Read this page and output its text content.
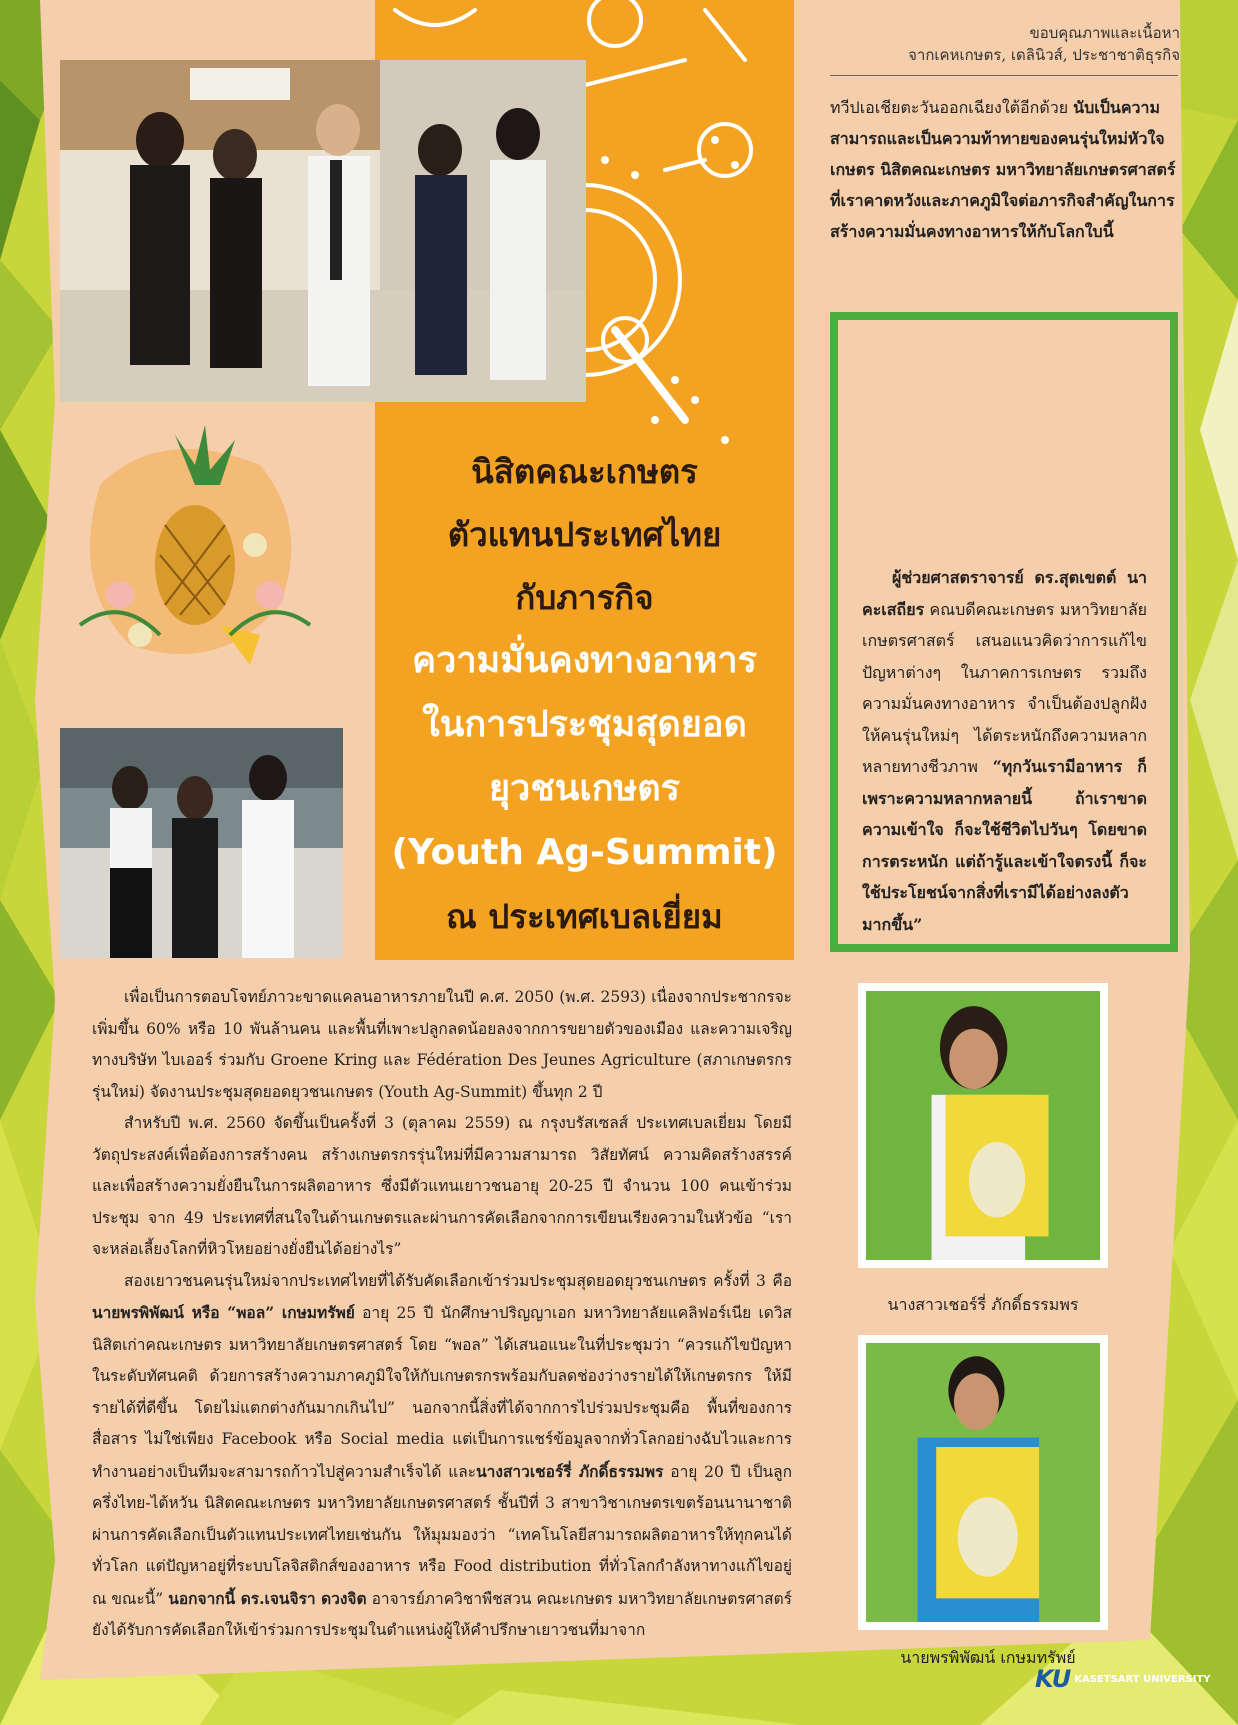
นางสาวเชอร์รี่ ภักดิ์ธรรมพร
นายพรพิพัฒน์ เกษมทรัพย์
ขอบคุณภาพและเนื้อหา
จากเคหเกษตร, เดลินิวส์, ประชาชาติธุรกิจ
ทวีปเอเชียตะวันออกเฉียงใต้อีกด้วย นับเป็นความสามารถและเป็นความท้าทายของคนรุ่นใหม่หัวใจเกษตร นิสิตคณะเกษตร มหาวิทยาลัยเกษตรศาสตร์ ที่เราคาดหวังและภาคภูมิใจต่อภารกิจสำคัญในการสร้างความมั่นคงทางอาหารให้กับโลกใบนี้
ผู้ช่วยศาสตราจารย์ ดร.สุตเขตต์ นาคะเสถียร คณบดีคณะเกษตร มหาวิทยาลัยเกษตรศาสตร์ เสนอแนวคิดว่าการแก้ไขปัญหาต่างๆ ในภาคการเกษตร รวมถึงความมั่นคงทางอาหาร จำเป็นต้องปลูกฝังให้คนรุ่นใหม่ๆ ได้ตระหนักถึงความหลากหลายทางชีวภาพ “ทุกวันเรามีอาหาร ก็เพราะความหลากหลายนี้ ถ้าเราขาดความเข้าใจ ก็จะใช้ชีวิตไปวันๆ โดยขาดการตระหนัก แต่ถ้ารู้และเข้าใจตรงนี้ ก็จะใช้ประโยชน์จากสิ่งที่เรามีได้อย่างลงตัวมากขึ้น”
นิสิตคณะเกษตร
ตัวแทนประเทศไทย
กับภารกิจ
ความมั่นคงทางอาหาร
ในการประชุมสุดยอด
ยุวชนเกษตร
(Youth Ag-Summit)
ณ ประเทศเบลเยี่ยม

เพื่อเป็นการตอบโจทย์ภาวะขาดแคลนอาหารภายในปี ค.ศ. 2050 (พ.ศ. 2593) เนื่องจากประชากรจะเพิ่มขึ้น 60% หรือ 10 พันล้านคน และพื้นที่เพาะปลูกลดน้อยลงจากการขยายตัวของเมือง และความเจริญ ทางบริษัท ไบเออร์ ร่วมกับ Groene Kring และ Fédération Des Jeunes Agriculture (สภาเกษตรกรรุ่นใหม่) จัดงานประชุมสุดยอดยุวชนเกษตร (Youth Ag-Summit) ขึ้นทุก 2 ปี

สำหรับปี พ.ศ. 2560 จัดขึ้นเป็นครั้งที่ 3 (ตุลาคม 2559) ณ กรุงบรัสเซลส์ ประเทศเบลเยี่ยม โดยมีวัตถุประสงค์เพื่อต้องการสร้างคน สร้างเกษตรกรรุ่นใหม่ที่มีความสามารถ วิสัยทัศน์ ความคิดสร้างสรรค์ และเพื่อสร้างความยั่งยืนในการผลิตอาหาร ซึ่งมีตัวแทนเยาวชนอายุ 20-25 ปี จำนวน 100 คนเข้าร่วมประชุม จาก 49 ประเทศที่สนใจในด้านเกษตรและผ่านการคัดเลือกจากการเขียนเรียงความในหัวข้อ “เราจะหล่อเลี้ยงโลกที่หิวโหยอย่างยั่งยืนได้อย่างไร”

สองเยาวชนคนรุ่นใหม่จากประเทศไทยที่ได้รับคัดเลือกเข้าร่วมประชุมสุดยอดยุวชนเกษตร ครั้งที่ 3 คือนายพรพิพัฒน์ หรือ “พอล” เกษมทรัพย์ อายุ 25 ปี นักศึกษาปริญญาเอก มหาวิทยาลัยแคลิฟอร์เนีย เดวิส นิสิตเก่าคณะเกษตร มหาวิทยาลัยเกษตรศาสตร์ โดย “พอล” ได้เสนอแนะในที่ประชุมว่า “ควรแก้ไขปัญหาในระดับทัศนคติ ด้วยการสร้างความภาคภูมิใจให้กับเกษตรกรพร้อมกับลดช่องว่างรายได้ให้เกษตรกร ให้มีรายได้ที่ดีขึ้น โดยไม่แตกต่างกันมากเกินไป” นอกจากนี้สิ่งที่ได้จากการไปร่วมประชุมคือ พื้นที่ของการสื่อสาร ไม่ใช่เพียง Facebook หรือ Social media แต่เป็นการแชร์ข้อมูลจากทั่วโลกอย่างฉับไวและการทำงานอย่างเป็นทีมจะสามารถก้าวไปสู่ความสำเร็จได้ และนางสาวเชอร์รี่ ภักดิ์ธรรมพร อายุ 20 ปี เป็นลูกครึ่งไทย-ไต้หวัน นิสิตคณะเกษตร มหาวิทยาลัยเกษตรศาสตร์ ชั้นปีที่ 3 สาขาวิชาเกษตรเขตร้อนนานาชาติ ผ่านการคัดเลือกเป็นตัวแทนประเทศไทยเช่นกัน ให้มุมมองว่า “เทคโนโลยีสามารถผลิตอาหารให้ทุกคนได้ทั่วโลก แต่ปัญหาอยู่ที่ระบบโลจิสติกส์ของอาหาร หรือ Food distribution ที่ทั่วโลกกำลังหาทางแก้ไขอยู่ ณ ขณะนี้” นอกจากนี้ ดร.เจนจิรา ดวงจิต อาจารย์ภาควิชาพืชสวน คณะเกษตร มหาวิทยาลัยเกษตรศาสตร์ ยังได้รับการคัดเลือกให้เข้าร่วมการประชุมในตำแหน่งผู้ให้คำปรึกษาเยาวชนที่มาจาก

KU KASETSART UNIVERSITY
